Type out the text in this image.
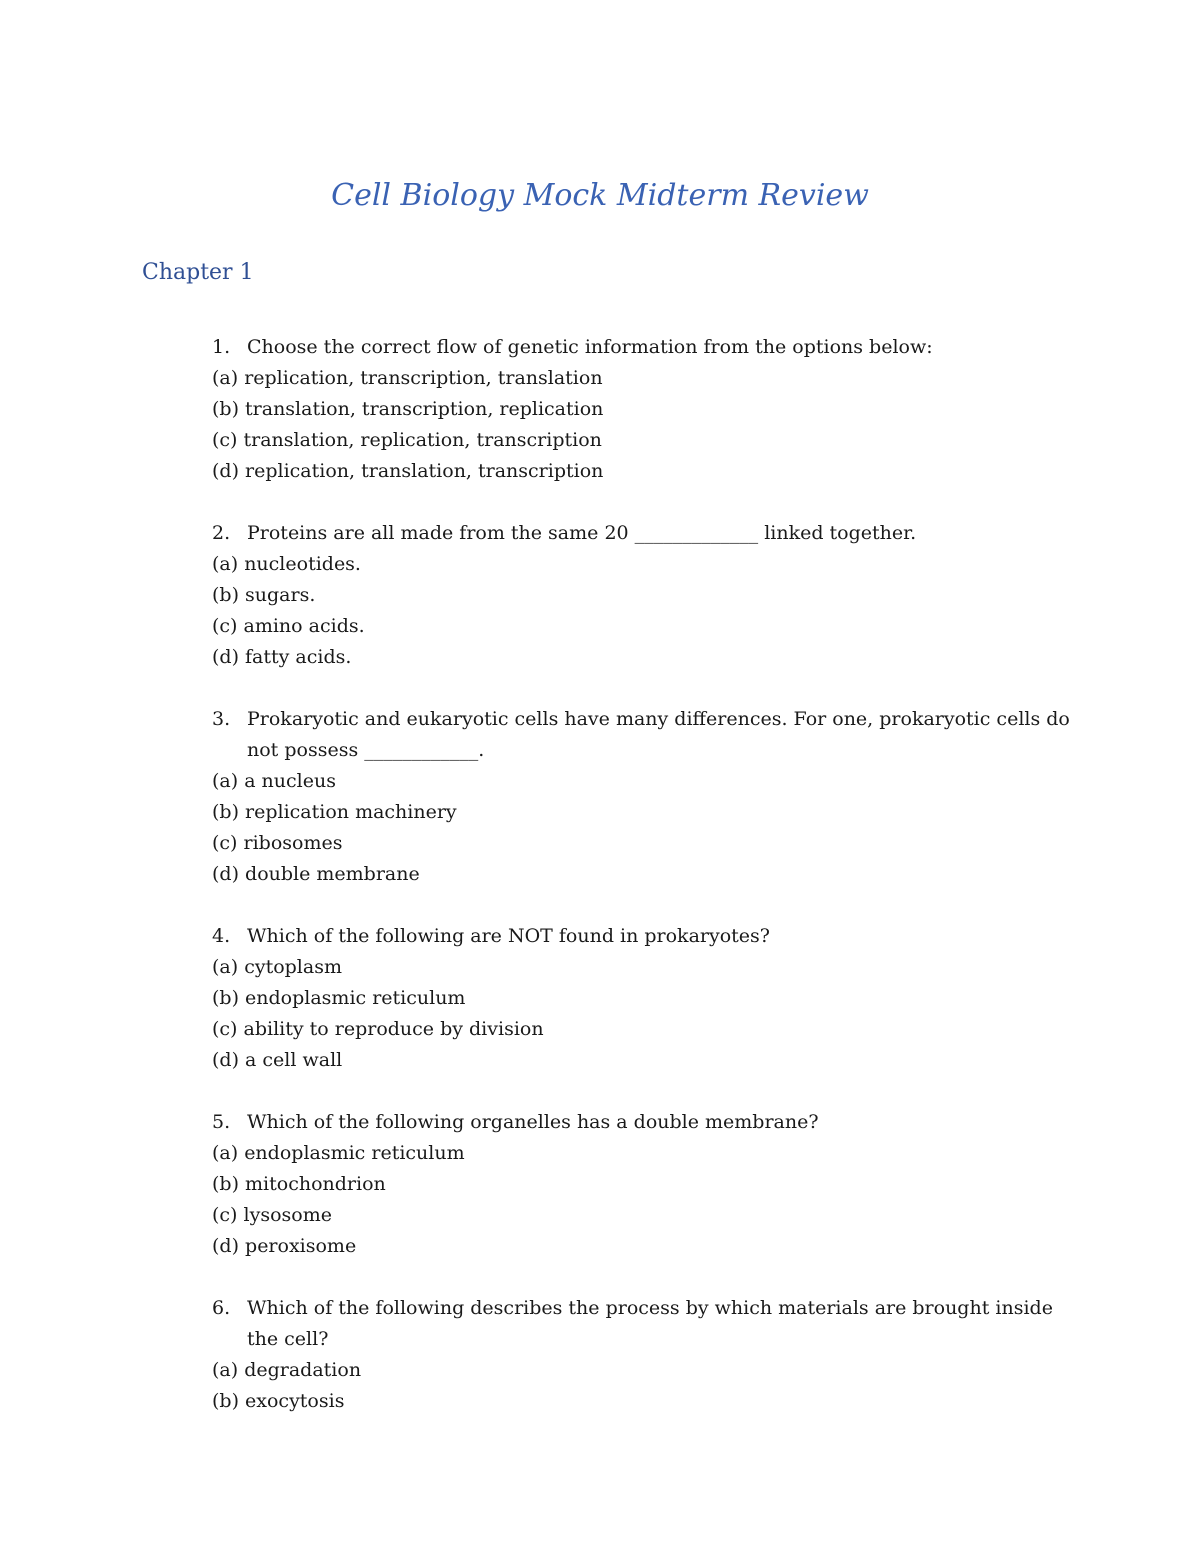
Cell Biology Mock Midterm Review
Chapter 1
1. Choose the correct flow of genetic information from the options below:
(a) replication, transcription, translation
(b) translation, transcription, replication
(c) translation, replication, transcription
(d) replication, translation, transcription
2. Proteins are all made from the same 20 _____________ linked together.
(a) nucleotides.
(b) sugars.
(c) amino acids.
(d) fatty acids.
3. Prokaryotic and eukaryotic cells have many differences. For one, prokaryotic cells do not possess ____________.
(a) a nucleus
(b) replication machinery
(c) ribosomes
(d) double membrane
4. Which of the following are NOT found in prokaryotes?
(a) cytoplasm
(b) endoplasmic reticulum
(c) ability to reproduce by division
(d) a cell wall
5. Which of the following organelles has a double membrane?
(a) endoplasmic reticulum
(b) mitochondrion
(c) lysosome
(d) peroxisome
6. Which of the following describes the process by which materials are brought inside the cell?
(a) degradation
(b) exocytosis
